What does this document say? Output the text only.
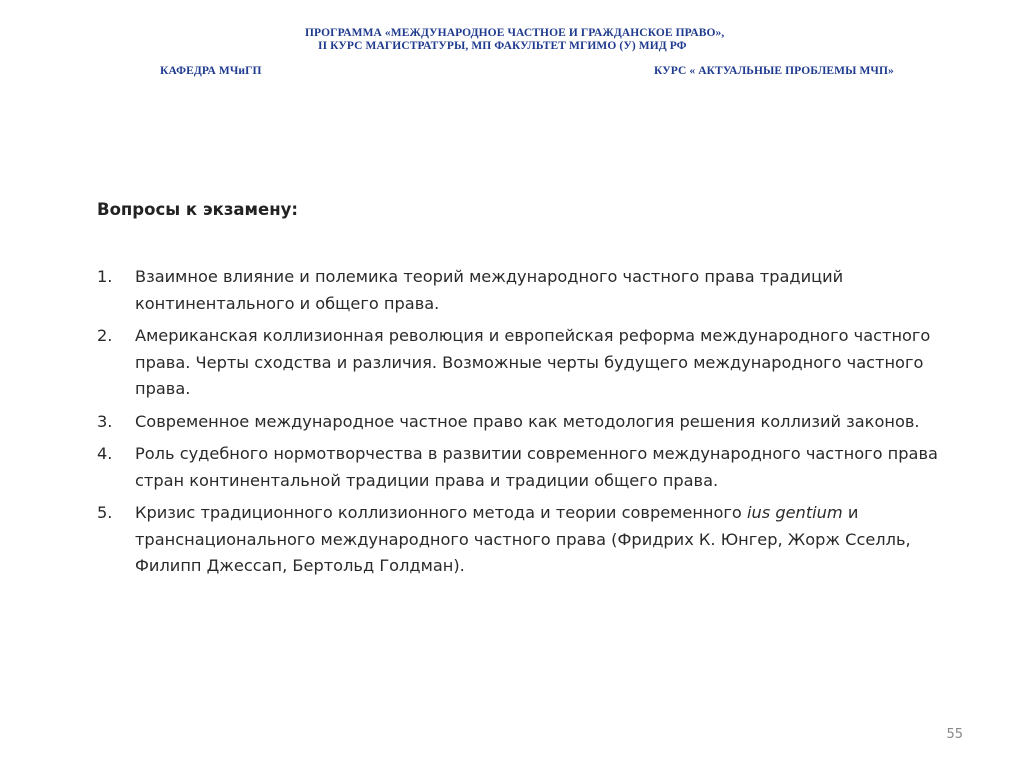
ПРОГРАММА «МЕЖДУНАРОДНОЕ ЧАСТНОЕ И ГРАЖДАНСКОЕ ПРАВО»,
II КУРС МАГИСТРАТУРЫ, МП ФАКУЛЬТЕТ МГИМО (У) МИД РФ
КАФЕДРА МЧиГП	КУРС « АКТУАЛЬНЫЕ ПРОБЛЕМЫ МЧП»
Вопросы к экзамену:
1. Взаимное влияние и полемика теорий международного частного права традиций континентального и общего права.
2. Американская коллизионная революция и европейская реформа международного частного права. Черты сходства и различия. Возможные черты будущего международного частного права.
3. Современное международное частное право как методология решения коллизий законов.
4. Роль судебного нормотворчества в развитии современного международного частного права стран континентальной традиции права и традиции общего права.
5. Кризис традиционного коллизионного метода и теории современного ius gentium и транснационального международного частного права (Фридрих К. Юнгер, Жорж Сселль, Филипп Джессап, Бертольд Голдман).
55
